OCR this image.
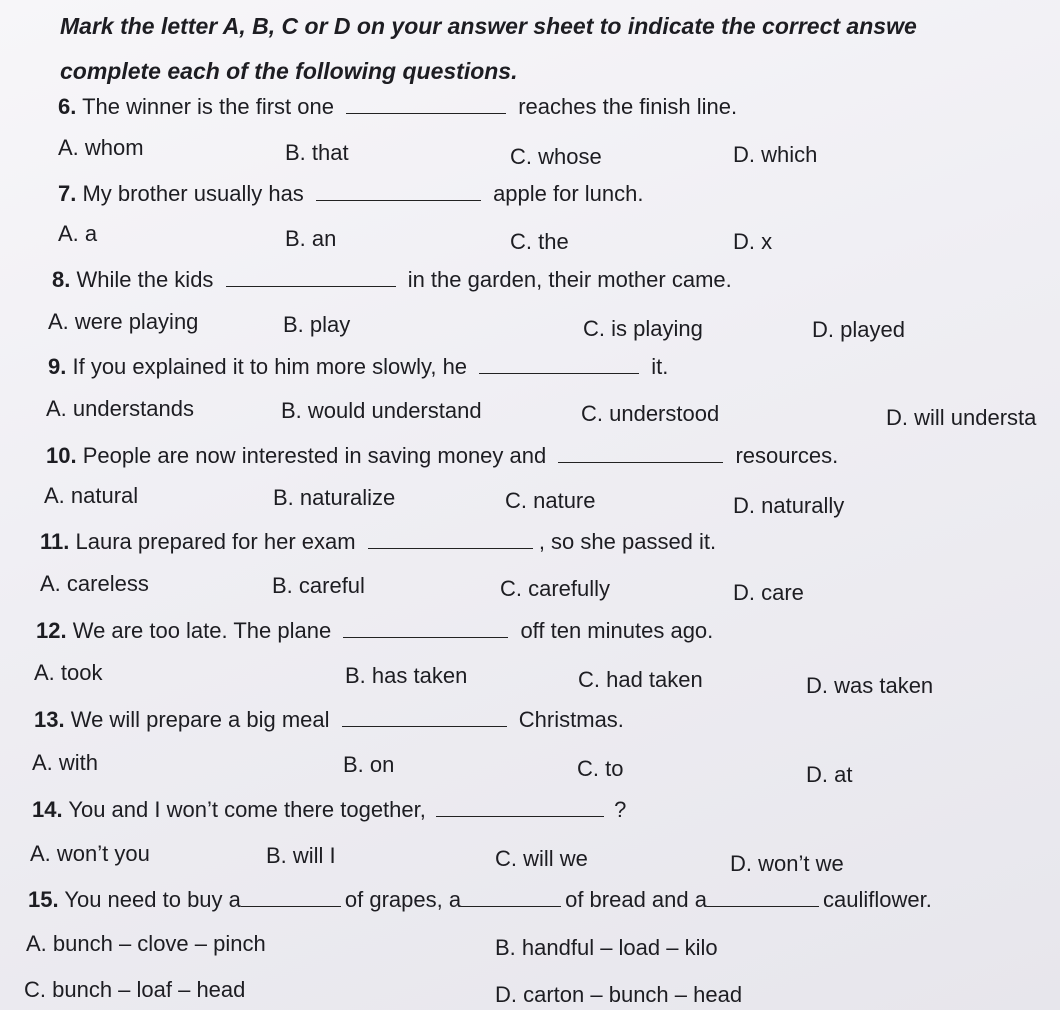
Mark the letter A, B, C or D on your answer sheet to indicate the correct answe
complete each of the following questions.
6. The winner is the first one	reaches the finish line.
A. whom	B. that	C. whose	D. which
7. My brother usually has	apple for lunch.
A. a	B. an	C. the	D. x
8. While the kids	in the garden, their mother came.
A. were playing	B. play	C. is playing	D. played
9. If you explained it to him more slowly, he	it.
A. understands	B. would understand	C. understood	D. will understa
10. People are now interested in saving money and	resources.
A. natural	B. naturalize	C. nature	D. naturally
11. Laura prepared for her exam	, so she passed it.
A. careless	B. careful	C. carefully	D. care
12. We are too late. The plane	off ten minutes ago.
A. took	B. has taken	C. had taken	D. was taken
13. We will prepare a big meal	Christmas.
A. with	B. on	C. to	D. at
14. You and I won’t come there together,	?
A. won’t you	B. will I	C. will we	D. won’t we
15. You need to buy a	of grapes, a	of bread and a	cauliflower.
A. bunch – clove – pinch	B. handful – load – kilo
C. bunch – loaf – head	D. carton – bunch – head
